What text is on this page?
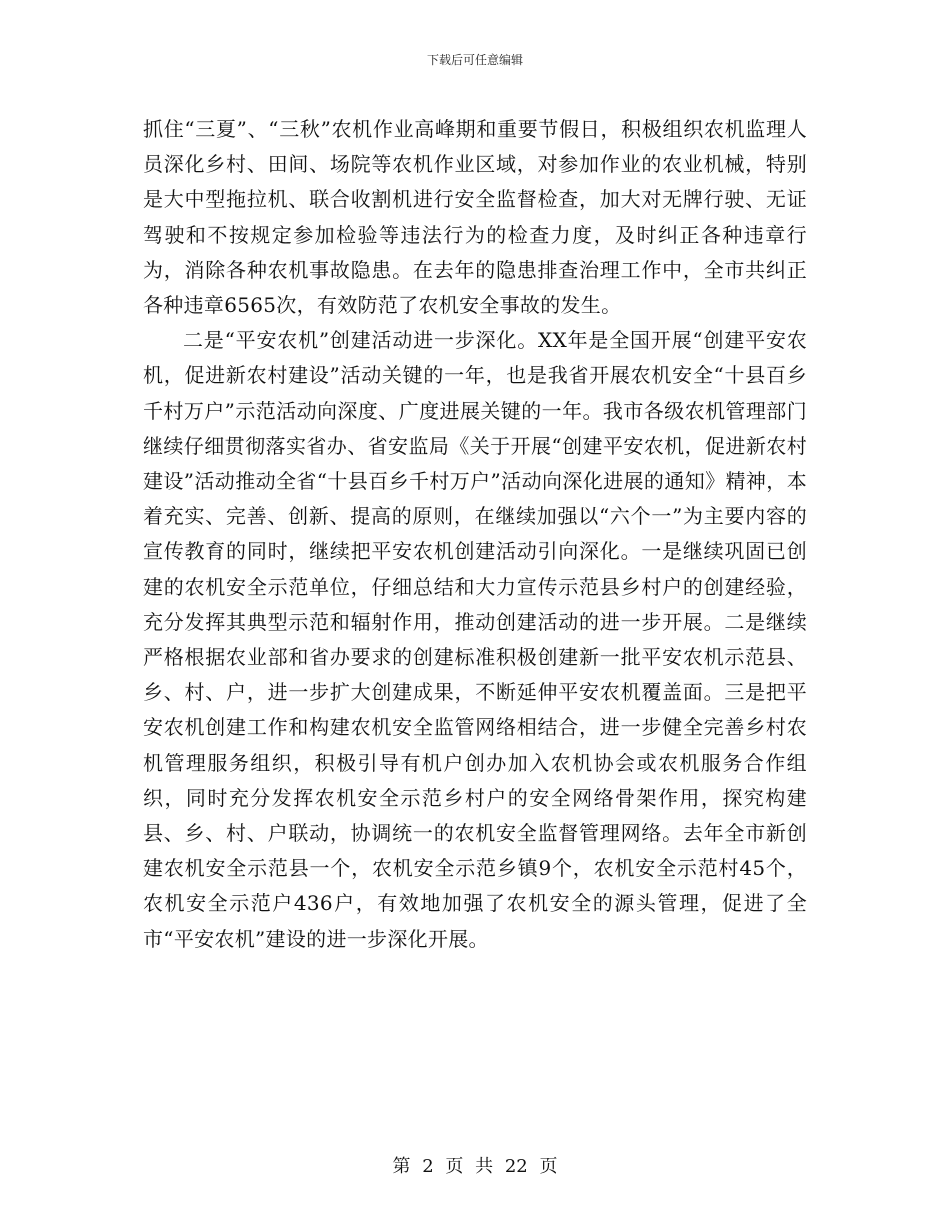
下载后可任意编辑

抓住“三夏”、“三秋”农机作业高峰期和重要节假日，积极组织农机监理人员深化乡村、田间、场院等农机作业区域，对参加作业的农业机械，特别是大中型拖拉机、联合收割机进行安全监督检查，加大对无牌行驶、无证驾驶和不按规定参加检验等违法行为的检查力度，及时纠正各种违章行为，消除各种农机事故隐患。在去年的隐患排查治理工作中，全市共纠正各种违章6565次，有效防范了农机安全事故的发生。

二是“平安农机”创建活动进一步深化。XX年是全国开展“创建平安农机，促进新农村建设”活动关键的一年，也是我省开展农机安全“十县百乡千村万户”示范活动向深度、广度进展关键的一年。我市各级农机管理部门继续仔细贯彻落实省办、省安监局《关于开展“创建平安农机，促进新农村建设”活动推动全省“十县百乡千村万户”活动向深化进展的通知》精神，本着充实、完善、创新、提高的原则，在继续加强以“六个一”为主要内容的宣传教育的同时，继续把平安农机创建活动引向深化。一是继续巩固已创建的农机安全示范单位，仔细总结和大力宣传示范县乡村户的创建经验，充分发挥其典型示范和辐射作用，推动创建活动的进一步开展。二是继续严格根据农业部和省办要求的创建标准积极创建新一批平安农机示范县、乡、村、户，进一步扩大创建成果，不断延伸平安农机覆盖面。三是把平安农机创建工作和构建农机安全监管网络相结合，进一步健全完善乡村农机管理服务组织，积极引导有机户创办加入农机协会或农机服务合作组织，同时充分发挥农机安全示范乡村户的安全网络骨架作用，探究构建县、乡、村、户联动，协调统一的农机安全监督管理网络。去年全市新创建农机安全示范县一个，农机安全示范乡镇9个，农机安全示范村45个，农机安全示范户436户，有效地加强了农机安全的源头管理，促进了全市“平安农机”建设的进一步深化开展。

第 2 页 共 22 页
